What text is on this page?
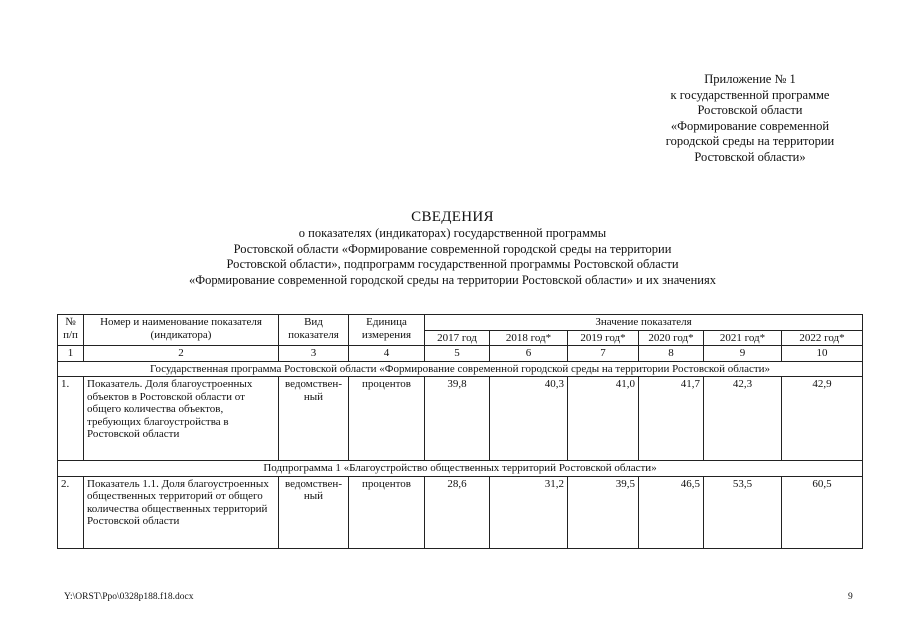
Приложение № 1
к государственной программе
Ростовской области
«Формирование современной
городской среды на территории
Ростовской области»
СВЕДЕНИЯ
о показателях (индикаторах) государственной программы
Ростовской области «Формирование современной городской среды на территории
Ростовской области», подпрограмм государственной программы Ростовской области
«Формирование современной городской среды на территории Ростовской области» и их значениях
№ п/п	Номер и наименование показателя (индикатора)	Вид показателя	Единица измерения	Значение показателя					
				2017 год	2018 год*	2019 год*	2020 год*	2021 год*	2022 год*
1	2	3	4	5	6	7	8	9	10
Государственная программа Ростовской области «Формирование современной городской среды на территории Ростовской области»									
1.	Показатель. Доля благоустроенных объектов в Ростовской области от общего количества объектов, требующих благоустройства в Ростовской области	ведомствен-ный	процентов	39,8	40,3	41,0	41,7	42,3	42,9
Подпрограмма 1 «Благоустройство общественных территорий Ростовской области»									
2.	Показатель 1.1. Доля благоустроенных общественных территорий от общего количества общественных территорий Ростовской области	ведомствен-ный	процентов	28,6	31,2	39,5	46,5	53,5	60,5
Y:\ORST\Ppo\0328p188.f18.docx	9
